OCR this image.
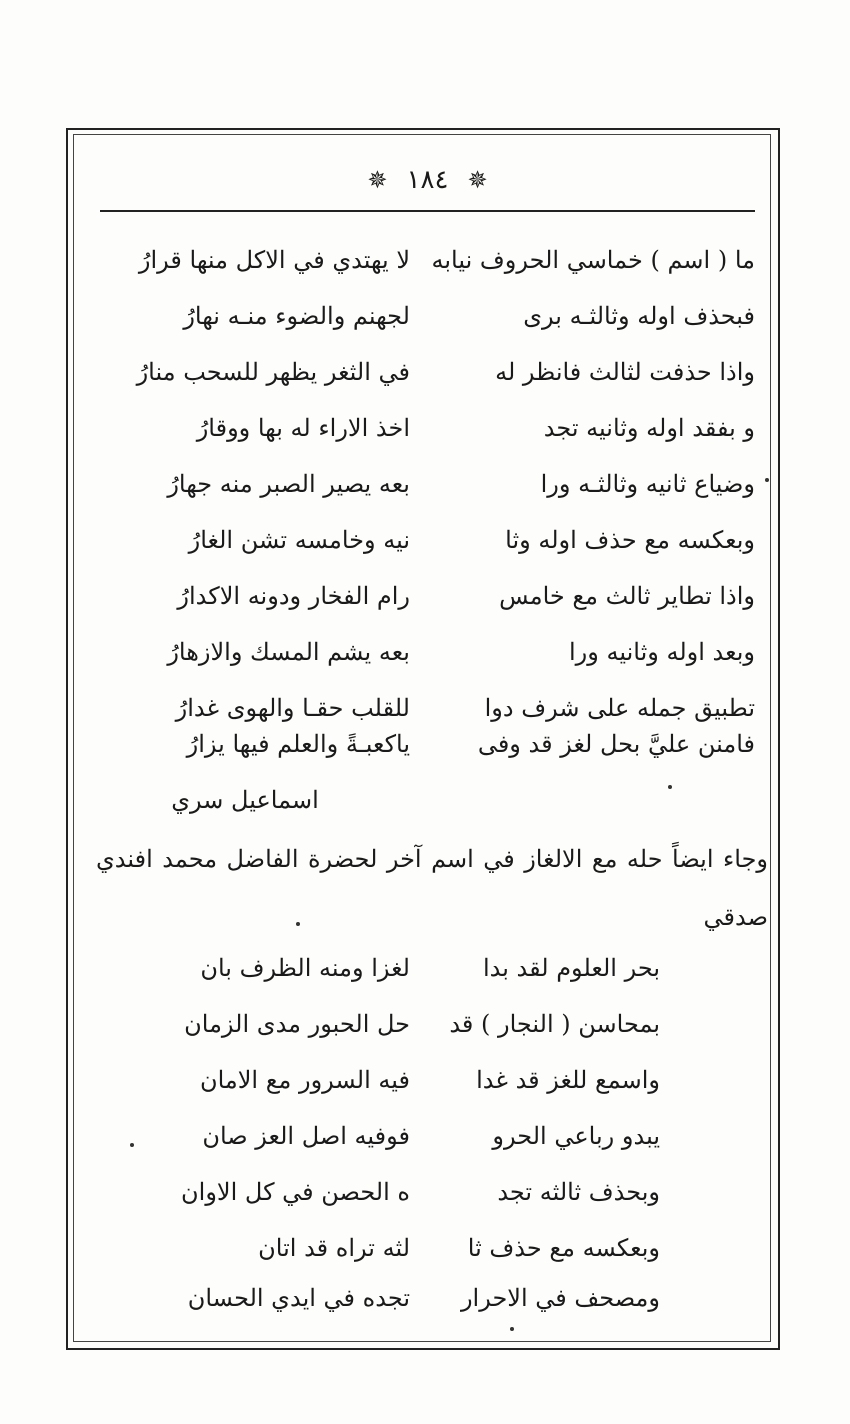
✵ ١٨٤ ✵
ما ( اسم ) خماسي الحروف نيابه
لا يهتدي في الاكل منها قرارُ
فبحذف اوله وثالثـه برى
لجهنم والضوء منـه نهارُ
واذا حذفت لثالث فانظر له
في الثغر يظهر للسحب منارُ
و بفقد اوله وثانيه تجد
اخذ الاراء له بها ووقارُ
وضياع ثانيه وثالثـه ورا
بعه يصير الصبر منه جهارُ
وبعكسه مع حذف اوله وثا
نيه وخامسه تشن الغارُ
واذا تطاير ثالث مع خامس
رام الفخار ودونه الاكدارُ
وبعد اوله وثانيه ورا
بعه يشم المسك والازهارُ
تطبيق جمله على شرف دوا
للقلب حقـا والهوى غدارُ
فامنن عليَّ بحل لغز قد وفى
ياكعبـةً والعلم فيها يزارُ
اسماعيل سري
وجاء ايضاً حله مع الالغاز في اسم آخر لحضرة الفاضل محمد افندي صدقي
بحر العلوم لقد بدا
لغزا ومنه الظرف بان
بمحاسن ( النجار ) قد
حل الحبور مدى الزمان
واسمع للغز قد غدا
فيه السرور مع الامان
يبدو رباعي الحرو
فوفيه اصل العز صان
وبحذف ثالثه تجد
ه الحصن في كل الاوان
وبعكسه مع حذف ثا
لثه تراه قد اتان
ومصحف في الاحرار
تجده في ايدي الحسان
